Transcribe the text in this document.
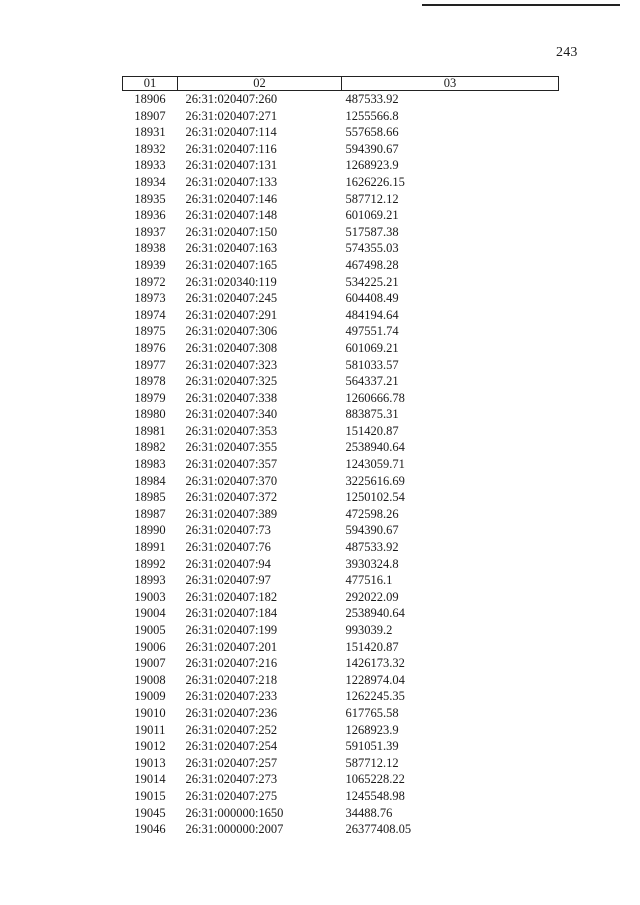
243
01	02	03
18906	26:31:020407:260	487533.92
18907	26:31:020407:271	1255566.8
18931	26:31:020407:114	557658.66
18932	26:31:020407:116	594390.67
18933	26:31:020407:131	1268923.9
18934	26:31:020407:133	1626226.15
18935	26:31:020407:146	587712.12
18936	26:31:020407:148	601069.21
18937	26:31:020407:150	517587.38
18938	26:31:020407:163	574355.03
18939	26:31:020407:165	467498.28
18972	26:31:020340:119	534225.21
18973	26:31:020407:245	604408.49
18974	26:31:020407:291	484194.64
18975	26:31:020407:306	497551.74
18976	26:31:020407:308	601069.21
18977	26:31:020407:323	581033.57
18978	26:31:020407:325	564337.21
18979	26:31:020407:338	1260666.78
18980	26:31:020407:340	883875.31
18981	26:31:020407:353	151420.87
18982	26:31:020407:355	2538940.64
18983	26:31:020407:357	1243059.71
18984	26:31:020407:370	3225616.69
18985	26:31:020407:372	1250102.54
18987	26:31:020407:389	472598.26
18990	26:31:020407:73	594390.67
18991	26:31:020407:76	487533.92
18992	26:31:020407:94	3930324.8
18993	26:31:020407:97	477516.1
19003	26:31:020407:182	292022.09
19004	26:31:020407:184	2538940.64
19005	26:31:020407:199	993039.2
19006	26:31:020407:201	151420.87
19007	26:31:020407:216	1426173.32
19008	26:31:020407:218	1228974.04
19009	26:31:020407:233	1262245.35
19010	26:31:020407:236	617765.58
19011	26:31:020407:252	1268923.9
19012	26:31:020407:254	591051.39
19013	26:31:020407:257	587712.12
19014	26:31:020407:273	1065228.22
19015	26:31:020407:275	1245548.98
19045	26:31:000000:1650	34488.76
19046	26:31:000000:2007	26377408.05
